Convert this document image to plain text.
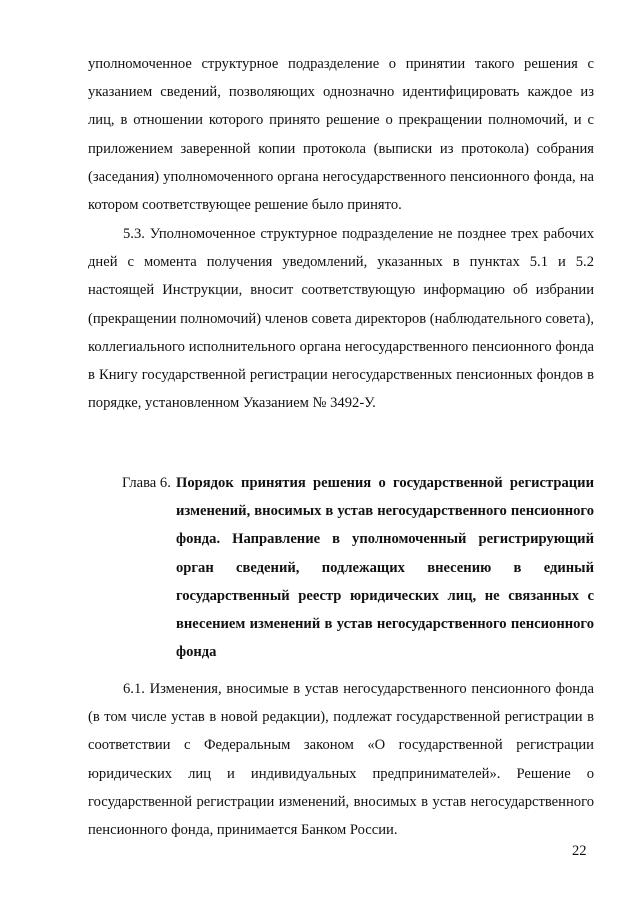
уполномоченное структурное подразделение о принятии такого решения с указанием сведений, позволяющих однозначно идентифицировать каждое из лиц, в отношении которого принято решение о прекращении полномочий, и с приложением заверенной копии протокола (выписки из протокола) собрания (заседания) уполномоченного органа негосударственного пенсионного фонда, на котором соответствующее решение было принято.

5.3. Уполномоченное структурное подразделение не позднее трех рабочих дней с момента получения уведомлений, указанных в пунктах 5.1 и 5.2 настоящей Инструкции, вносит соответствующую информацию об избрании (прекращении полномочий) членов совета директоров (наблюдательного совета), коллегиального исполнительного органа негосударственного пенсионного фонда в Книгу государственной регистрации негосударственных пенсионных фондов в порядке, установленном Указанием № 3492-У.

Глава 6. Порядок принятия решения о государственной регистрации изменений, вносимых в устав негосударственного пенсионного фонда. Направление в уполномоченный регистрирующий орган сведений, подлежащих внесению в единый государственный реестр юридических лиц, не связанных с внесением изменений в устав негосударственного пенсионного фонда

6.1. Изменения, вносимые в устав негосударственного пенсионного фонда (в том числе устав в новой редакции), подлежат государственной регистрации в соответствии с Федеральным законом «О государственной регистрации юридических лиц и индивидуальных предпринимателей». Решение о государственной регистрации изменений, вносимых в устав негосударственного пенсионного фонда, принимается Банком России.

22
